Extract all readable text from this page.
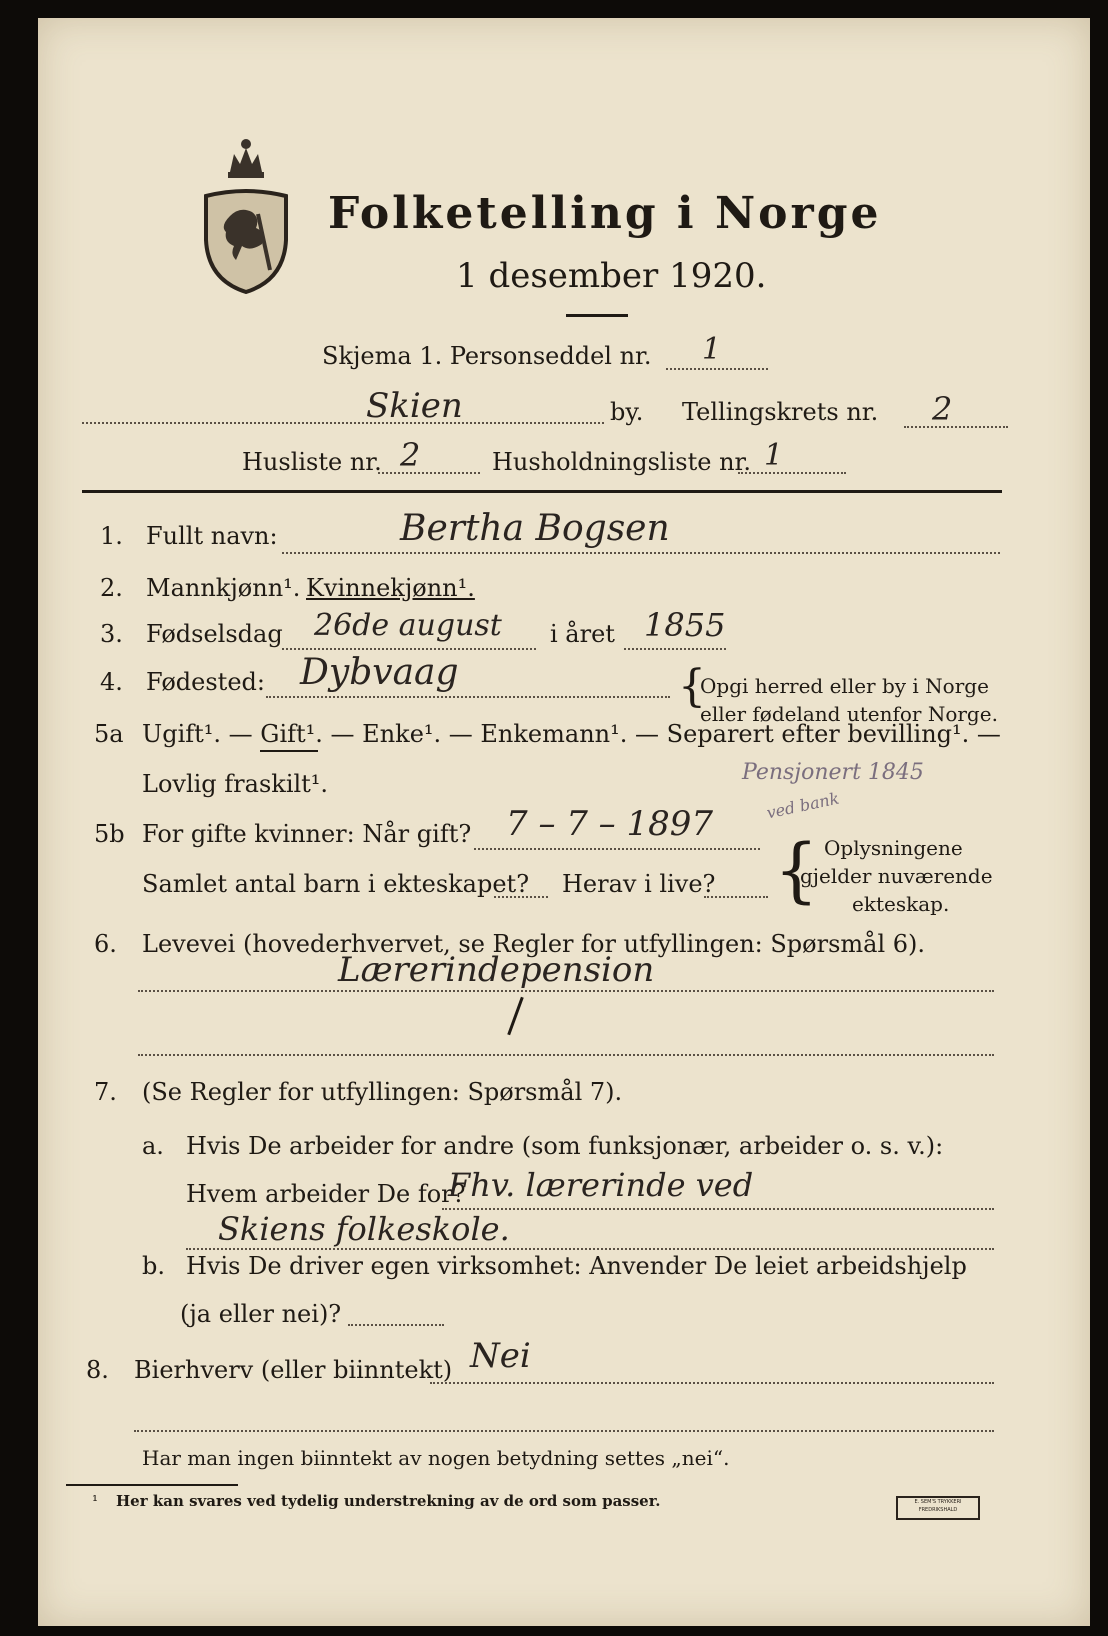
Folketelling i Norge
1 desember 1920.
Skjema 1. Personseddel nr. 1
Skien	by. Tellingskrets nr. 2
Husliste nr. 2	Husholdningsliste nr. 1
1. Fullt navn:	Bertha Bogsen
2. Mannkjønn¹. Kvinnekjønn¹.
3. Fødselsdag 26de august i året 1855
4. Fødested: Dybvaag	{
Opgi herred eller by i Norge
eller fødeland utenfor Norge.
5a Ugift¹. — Gift¹. — Enke¹. — Enkemann¹. — Separert efter bevilling¹. —
Lovlig fraskilt¹.	Pensjonert 1845
5b For gifte kvinner: Når gift? 7 – 7 – 1897	ved bank
Samlet antal barn i ekteskapet? Herav i live? { Oplysningene
gjelder nuværende
ekteskap.
6. Levevei (hovederhvervet, se Regler for utfyllingen: Spørsmål 6).
Lærerindepension
7. (Se Regler for utfyllingen: Spørsmål 7).
a. Hvis De arbeider for andre (som funksjonær, arbeider o. s. v.):
Hvem arbeider De for?
Fhv. lærerinde ved
Skiens folkeskole.
b. Hvis De driver egen virksomhet: Anvender De leiet arbeidshjelp
(ja eller nei)?
8. Bierhverv (eller biinntekt) Nei
Har man ingen biinntekt av nogen betydning settes „nei“.
¹ Her kan svares ved tydelig understrekning av de ord som passer.	E. SEM'S TRYKKERI FREDRIKSHALD
